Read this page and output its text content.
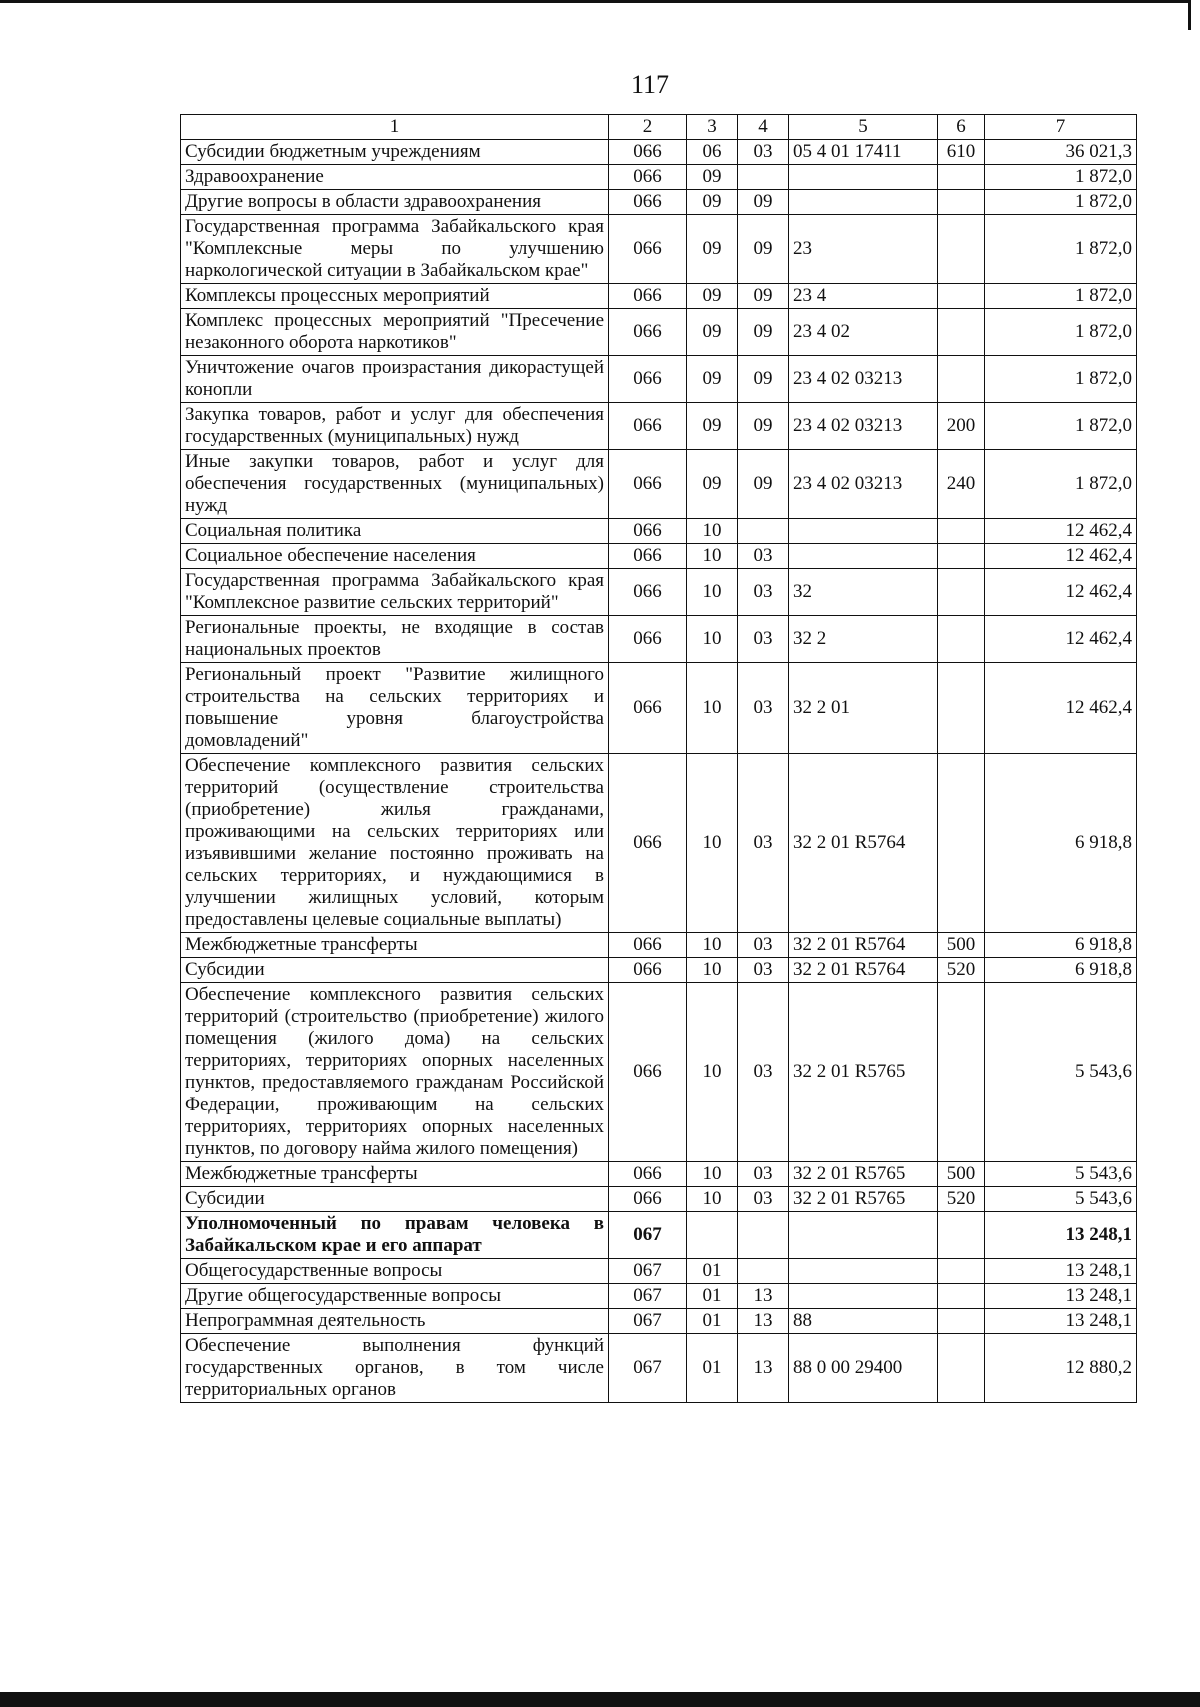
117
1	2	3	4	5	6	7
Субсидии бюджетным учреждениям	066	06	03	05 4 01 17411	610	36 021,3
Здравоохранение	066	09				1 872,0
Другие вопросы в области здравоохранения	066	09	09			1 872,0
Государственная программа Забайкальского края "Комплексные меры по улучшению наркологической ситуации в Забайкальском крае"	066	09	09	23		1 872,0
Комплексы процессных мероприятий	066	09	09	23 4		1 872,0
Комплекс процессных мероприятий "Пресечение незаконного оборота наркотиков"	066	09	09	23 4 02		1 872,0
Уничтожение очагов произрастания дикорастущей конопли	066	09	09	23 4 02 03213		1 872,0
Закупка товаров, работ и услуг для обеспечения государственных (муниципальных) нужд	066	09	09	23 4 02 03213	200	1 872,0
Иные закупки товаров, работ и услуг для обеспечения государственных (муниципальных) нужд	066	09	09	23 4 02 03213	240	1 872,0
Социальная политика	066	10				12 462,4
Социальное обеспечение населения	066	10	03			12 462,4
Государственная программа Забайкальского края "Комплексное развитие сельских территорий"	066	10	03	32		12 462,4
Региональные проекты, не входящие в состав национальных проектов	066	10	03	32 2		12 462,4
Региональный проект "Развитие жилищного строительства на сельских территориях и повышение уровня благоустройства домовладений"	066	10	03	32 2 01		12 462,4
Обеспечение комплексного развития сельских территорий (осуществление строительства (приобретение) жилья гражданами, проживающими на сельских территориях или изъявившими желание постоянно проживать на сельских территориях, и нуждающимися в улучшении жилищных условий, которым предоставлены целевые социальные выплаты)	066	10	03	32 2 01 R5764		6 918,8
Межбюджетные трансферты	066	10	03	32 2 01 R5764	500	6 918,8
Субсидии	066	10	03	32 2 01 R5764	520	6 918,8
Обеспечение комплексного развития сельских территорий (строительство (приобретение) жилого помещения (жилого дома) на сельских территориях, территориях опорных населенных пунктов, предоставляемого гражданам Российской Федерации, проживающим на сельских территориях, территориях опорных населенных пунктов, по договору найма жилого помещения)	066	10	03	32 2 01 R5765		5 543,6
Межбюджетные трансферты	066	10	03	32 2 01 R5765	500	5 543,6
Субсидии	066	10	03	32 2 01 R5765	520	5 543,6
Уполномоченный по правам человека в Забайкальском крае и его аппарат	067					13 248,1
Общегосударственные вопросы	067	01				13 248,1
Другие общегосударственные вопросы	067	01	13			13 248,1
Непрограммная деятельность	067	01	13	88		13 248,1
Обеспечение выполнения функций государственных органов, в том числе территориальных органов	067	01	13	88 0 00 29400		12 880,2
